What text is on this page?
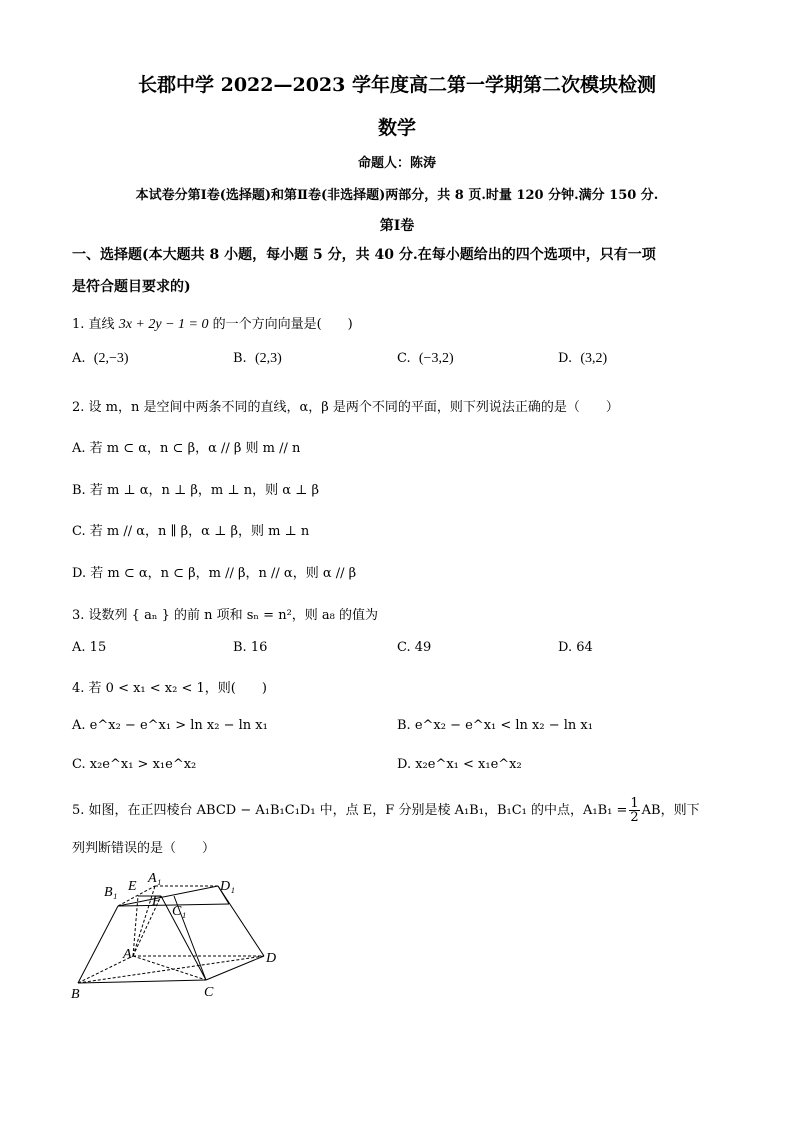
长郡中学 2022—2023 学年度高二第一学期第二次模块检测
数学
命题人：陈涛
本试卷分第Ⅰ卷(选择题)和第Ⅱ卷(非选择题)两部分，共 8 页.时量 120 分钟.满分 150 分.
第Ⅰ卷
一、选择题(本大题共 8 小题，每小题 5 分，共 40 分.在每小题给出的四个选项中，只有一项
是符合题目要求的)
1. 直线 3x + 2y − 1 = 0 的一个方向向量是(　　)
A. (2,−3)	B. (2,3)	C. (−3,2)	D. (3,2)
2. 设 m，n 是空间中两条不同的直线，α，β 是两个不同的平面，则下列说法正确的是（　　）
A. 若 m ⊂ α，n ⊂ β，α // β 则 m // n
B. 若 m ⊥ α，n ⊥ β，m ⊥ n，则 α ⊥ β
C. 若 m // α，n ∥ β，α ⊥ β，则 m ⊥ n
D. 若 m ⊂ α，n ⊂ β，m // β，n // α，则 α // β
3. 设数列 { aₙ } 的前 n 项和 sₙ = n²，则 a₈ 的值为
A. 15	B. 16	C. 49	D. 64
4. 若 0 < x₁ < x₂ < 1，则(　　)
A. e^x₂ − e^x₁ > ln x₂ − ln x₁	B. e^x₂ − e^x₁ < ln x₂ − ln x₁
C. x₂e^x₁ > x₁e^x₂	D. x₂e^x₁ < x₁e^x₂
5. 如图，在正四棱台 ABCD − A₁B₁C₁D₁ 中，点 E，F 分别是棱 A₁B₁，B₁C₁ 的中点，$A_1B_1 = \frac{1}{2}$ AB，则下
列判断错误的是（　　）
B₁ E
A₁
F
D₁
C₁
A	D
B	C
